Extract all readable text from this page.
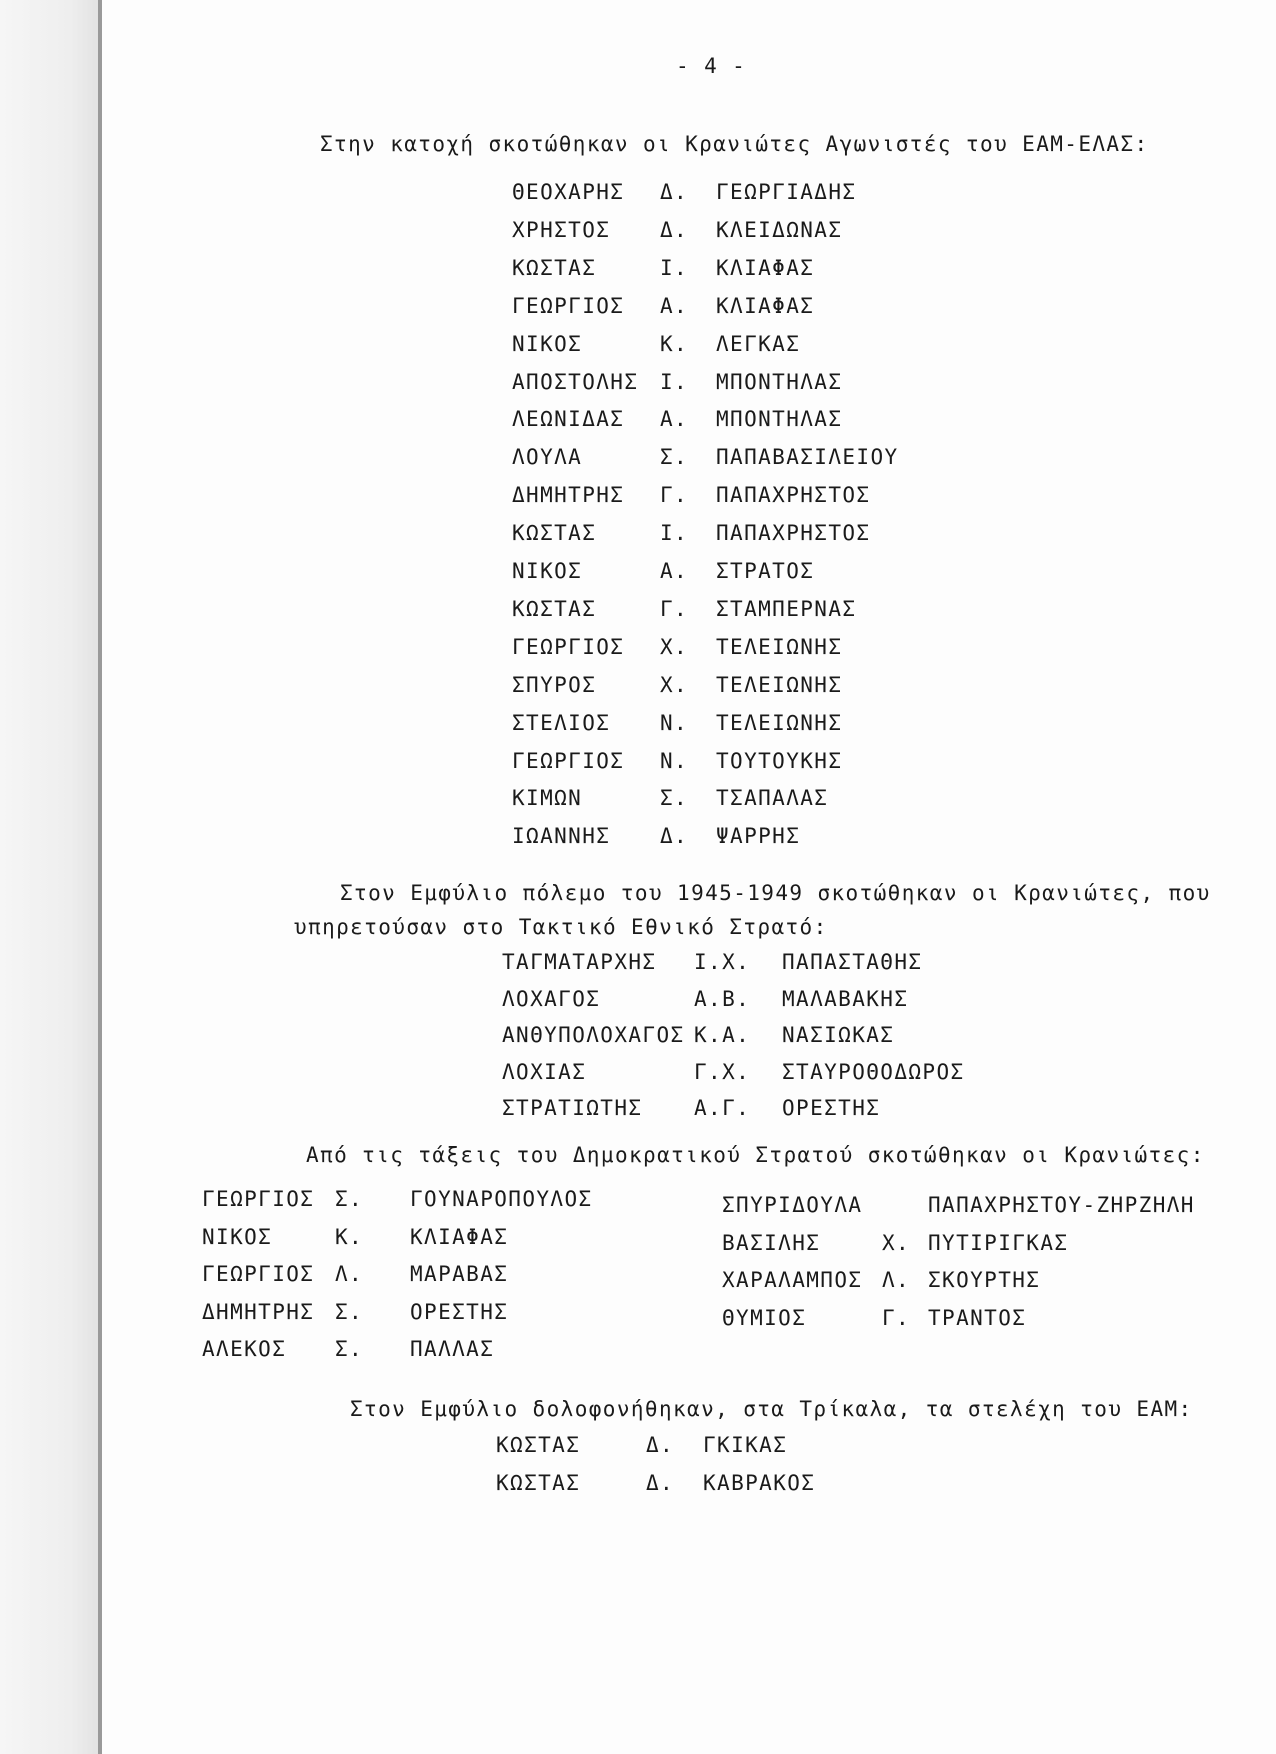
- 4 -
Στην κατοχή σκοτώθηκαν οι Κρανιώτες Αγωνιστές του ΕΑΜ-ΕΛΑΣ:
ΘΕΟΧΑΡΗΣ Δ. ΓΕΩΡΓΙΑΔΗΣ
ΧΡΗΣΤΟΣ Δ. ΚΛΕΙΔΩΝΑΣ
ΚΩΣΤΑΣ	Ι. ΚΛΙΑΦΑΣ
ΓΕΩΡΓΙΟΣ Α. ΚΛΙΑΦΑΣ
ΝΙΚΟΣ	Κ. ΛΕΓΚΑΣ
ΑΠΟΣΤΟΛΗΣ Ι. ΜΠΟΝΤΗΛΑΣ
ΛΕΩΝΙΔΑΣ Α. ΜΠΟΝΤΗΛΑΣ
ΛΟΥΛΑ	Σ. ΠΑΠΑΒΑΣΙΛΕΙΟΥ
ΔΗΜΗΤΡΗΣ Γ. ΠΑΠΑΧΡΗΣΤΟΣ
ΚΩΣΤΑΣ	Ι. ΠΑΠΑΧΡΗΣΤΟΣ
ΝΙΚΟΣ	Α. ΣΤΡΑΤΟΣ
ΚΩΣΤΑΣ	Γ. ΣΤΑΜΠΕΡΝΑΣ
ΓΕΩΡΓΙΟΣ Χ. ΤΕΛΕΙΩΝΗΣ
ΣΠΥΡΟΣ	Χ. ΤΕΛΕΙΩΝΗΣ
ΣΤΕΛΙΟΣ Ν. ΤΕΛΕΙΩΝΗΣ
ΓΕΩΡΓΙΟΣ Ν. ΤΟΥΤΟΥΚΗΣ
ΚΙΜΩΝ	Σ. ΤΣΑΠΑΛΑΣ
ΙΩΑΝΝΗΣ Δ. ΨΑΡΡΗΣ
Στον Εμφύλιο πόλεμο του 1945-1949 σκοτώθηκαν οι Κρανιώτες, που
υπηρετούσαν στο Τακτικό Εθνικό Στρατό:
ΤΑΓΜΑΤΑΡΧΗΣ Ι.Χ. ΠΑΠΑΣΤΑΘΗΣ
ΛΟΧΑΓΟΣ	Α.Β. ΜΑΛΑΒΑΚΗΣ
ΑΝΘΥΠΟΛΟΧΑΓΟΣ Κ.Α. ΝΑΣΙΩΚΑΣ
ΛΟΧΙΑΣ	Γ.Χ. ΣΤΑΥΡΟΘΟΔΩΡΟΣ
ΣΤΡΑΤΙΩΤΗΣ Α.Γ. ΟΡΕΣΤΗΣ
Από τις τάξεις του Δημοκρατικού Στρατού σκοτώθηκαν οι Κρανιώτες:
ΓΕΩΡΓΙΟΣ Σ. ΓΟΥΝΑΡΟΠΟΥΛΟΣ
ΝΙΚΟΣ	Κ. ΚΛΙΑΦΑΣ
ΓΕΩΡΓΙΟΣ Λ. ΜΑΡΑΒΑΣ
ΔΗΜΗΤΡΗΣ Σ. ΟΡΕΣΤΗΣ
ΑΛΕΚΟΣ Σ. ΠΑΛΛΑΣ
ΣΠΥΡΙΔΟΥΛΑ	ΠΑΠΑΧΡΗΣΤΟΥ-ΖΗΡΖΗΛΗ
ΒΑΣΙΛΗΣ	Χ. ΠΥΤΙΡΙΓΚΑΣ
ΧΑΡΑΛΑΜΠΟΣ Λ. ΣΚΟΥΡΤΗΣ
ΘΥΜΙΟΣ	Γ. ΤΡΑΝΤΟΣ
Στον Εμφύλιο δολοφονήθηκαν, στα Τρίκαλα, τα στελέχη του ΕΑΜ:
ΚΩΣΤΑΣ	Δ. ΓΚΙΚΑΣ
ΚΩΣΤΑΣ	Δ. ΚΑΒΡΑΚΟΣ
